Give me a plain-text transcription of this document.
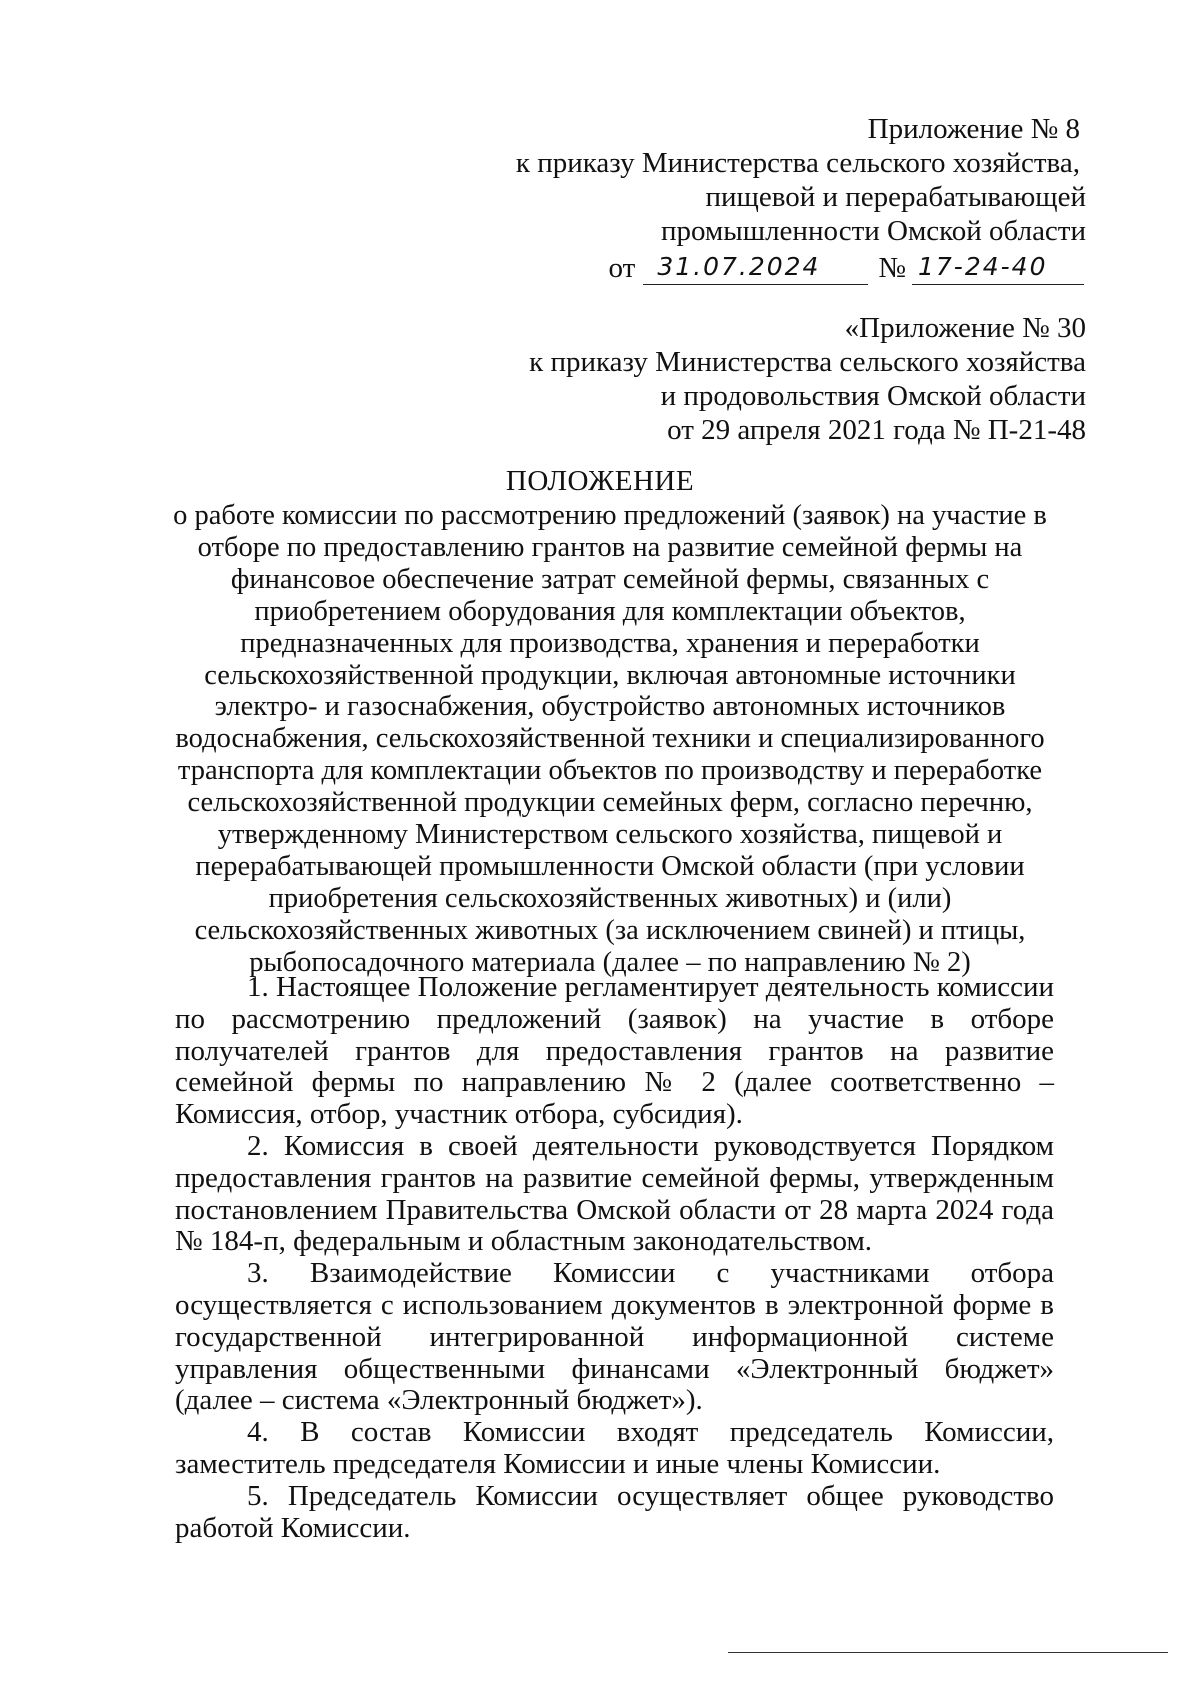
Приложение № 8
к приказу Министерства сельского хозяйства,
пищевой и перерабатывающей
промышленности Омской области
от 31.07.2024	№ 17-24-40
«Приложение № 30
к приказу Министерства сельского хозяйства
и продовольствия Омской области
от 29 апреля 2021 года № П-21-48
ПОЛОЖЕНИЕ
о работе комиссии по рассмотрению предложений (заявок) на участие в отборе по предоставлению грантов на развитие семейной фермы на финансовое обеспечение затрат семейной фермы, связанных с приобретением оборудования для комплектации объектов, предназначенных для производства, хранения и переработки сельскохозяйственной продукции, включая автономные источники электро- и газоснабжения, обустройство автономных источников водоснабжения, сельскохозяйственной техники и специализированного транспорта для комплектации объектов по производству и переработке сельскохозяйственной продукции семейных ферм, согласно перечню, утвержденному Министерством сельского хозяйства, пищевой и перерабатывающей промышленности Омской области (при условии приобретения сельскохозяйственных животных) и (или) сельскохозяйственных животных (за исключением свиней) и птицы, рыбопосадочного материала (далее – по направлению № 2)

1. Настоящее Положение регламентирует деятельность комиссии по рассмотрению предложений (заявок) на участие в отборе получателей грантов для предоставления грантов на развитие семейной фермы по направлению № 2 (далее соответственно – Комиссия, отбор, участник отбора, субсидия).

2. Комиссия в своей деятельности руководствуется Порядком предоставления грантов на развитие семейной фермы, утвержденным постановлением Правительства Омской области от 28 марта 2024 года № 184-п, федеральным и областным законодательством.

3. Взаимодействие Комиссии с участниками отбора осуществляется с использованием документов в электронной форме в государственной интегрированной информационной системе управления общественными финансами «Электронный бюджет» (далее – система «Электронный бюджет»).

4. В состав Комиссии входят председатель Комиссии, заместитель председателя Комиссии и иные члены Комиссии.

5. Председатель Комиссии осуществляет общее руководство работой Комиссии.
